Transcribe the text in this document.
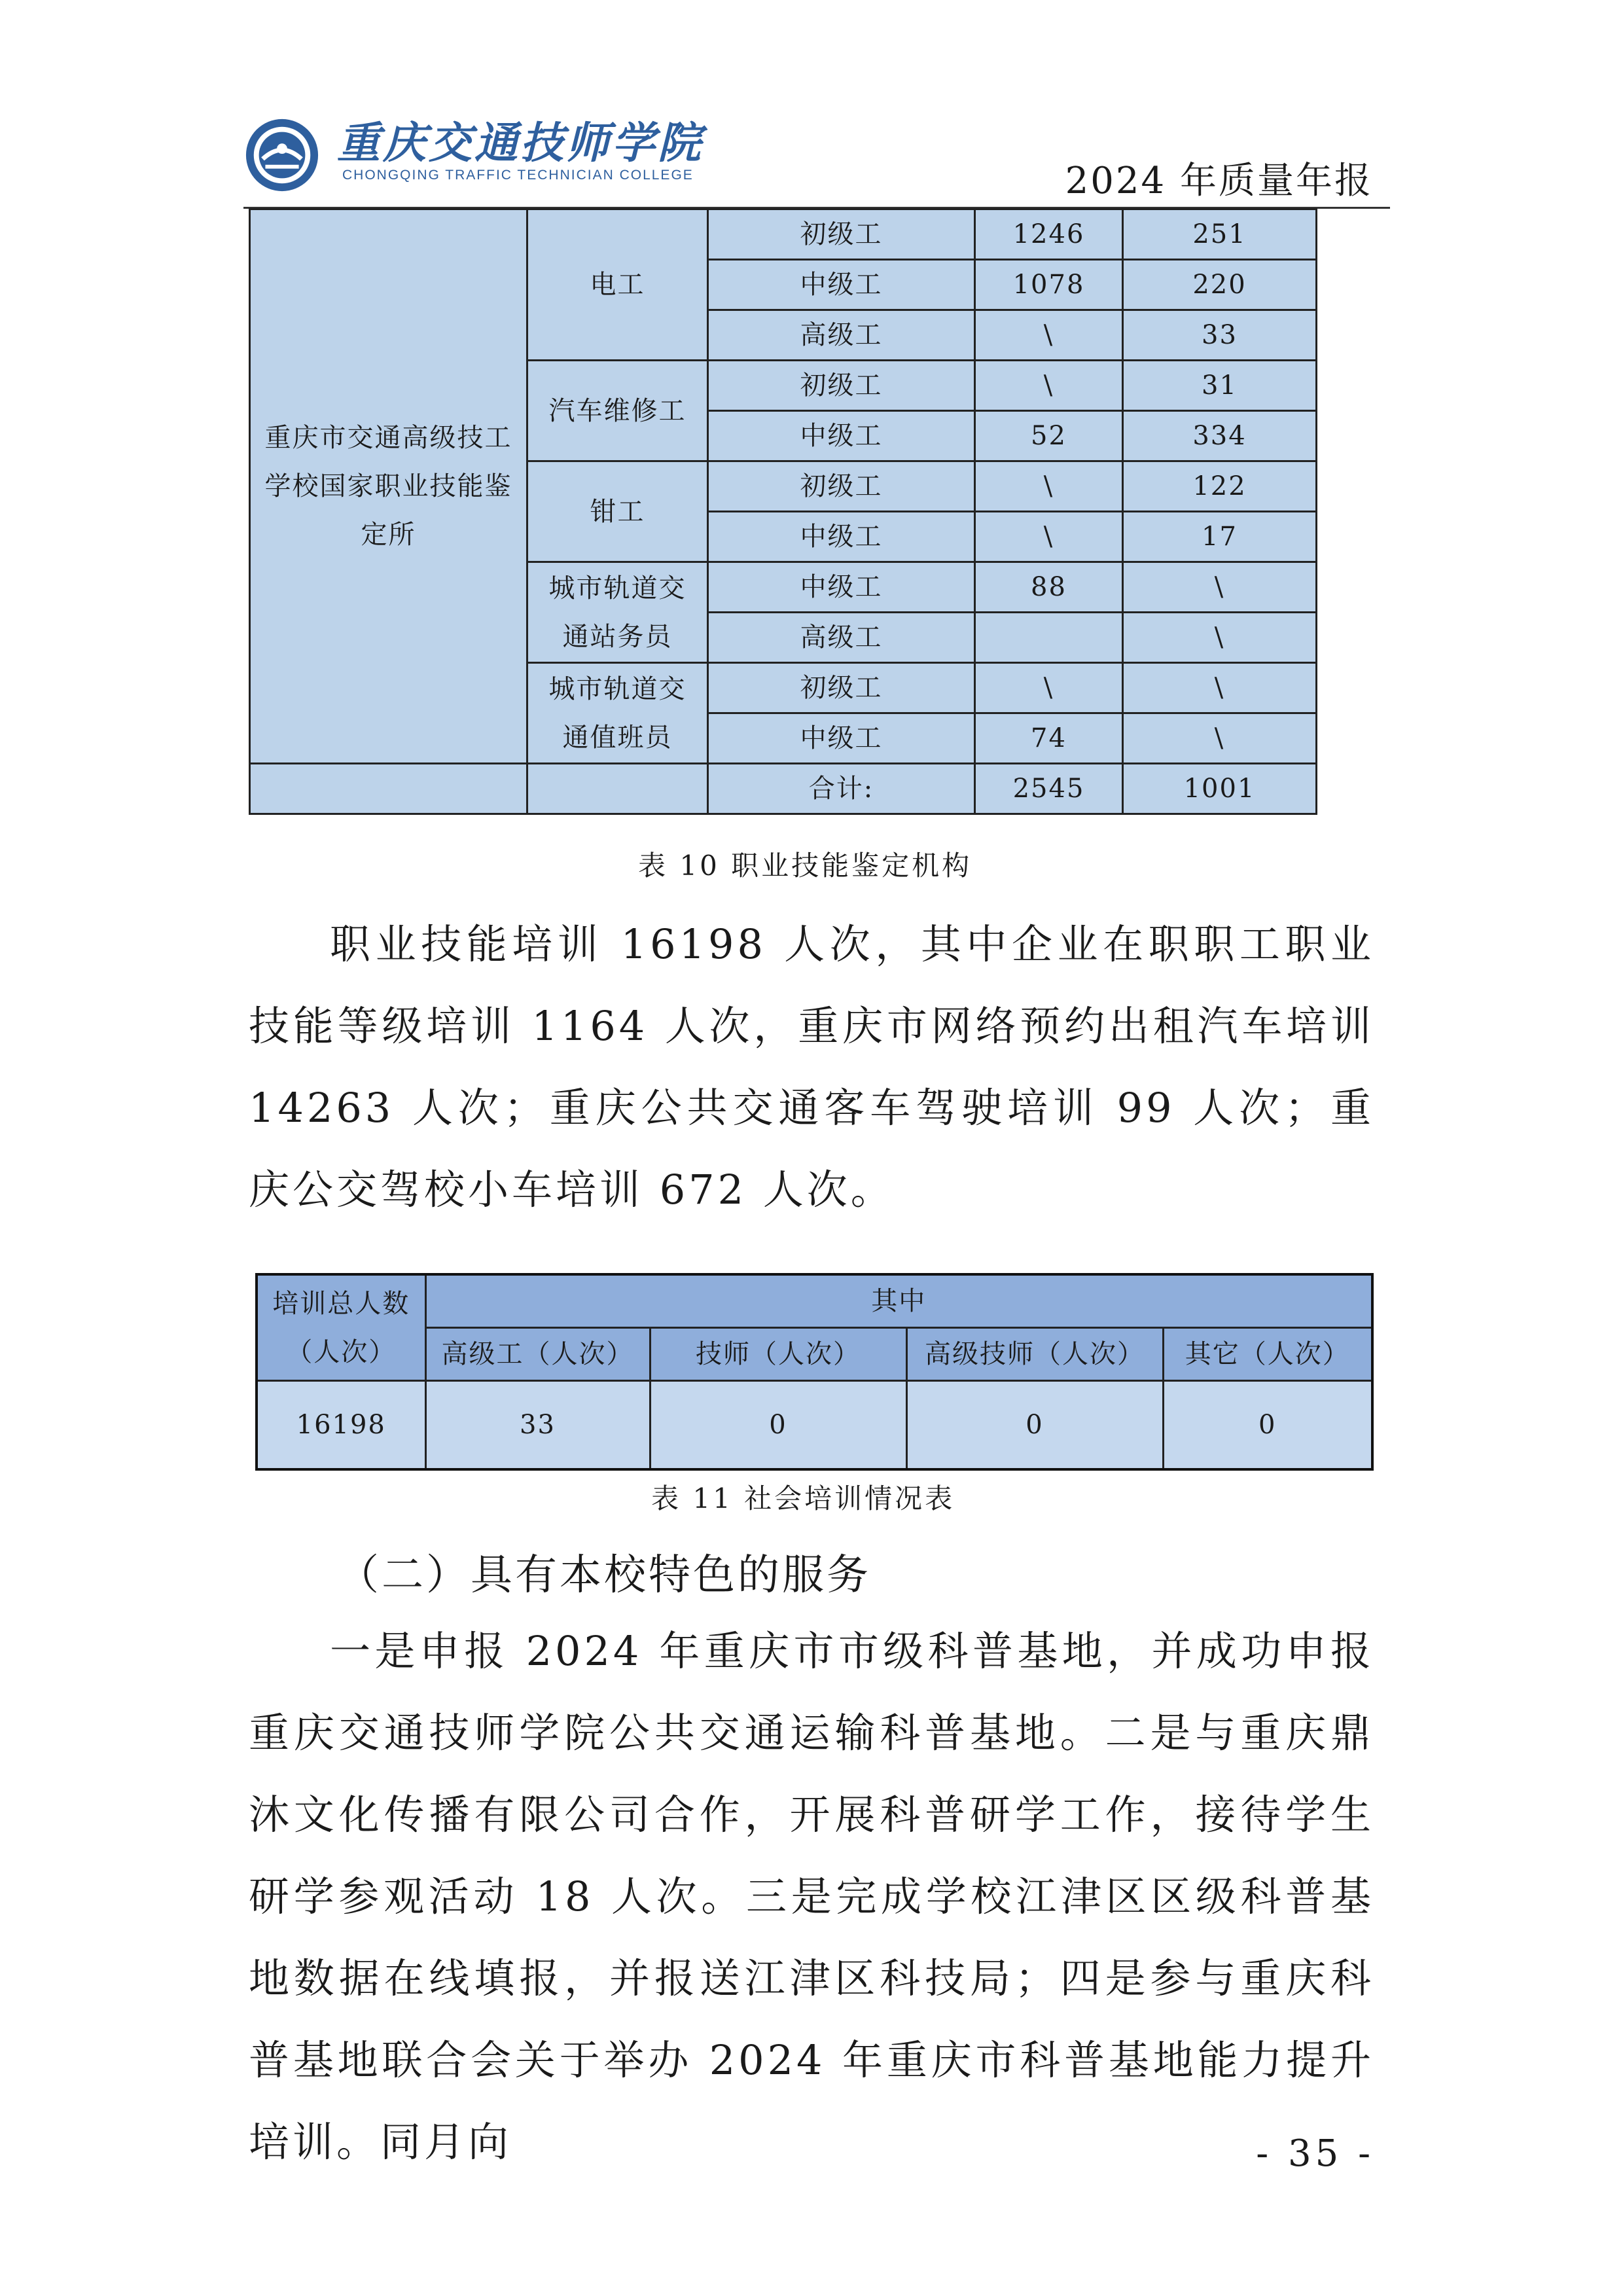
重庆交通技师学院
CHONGQING TRAFFIC TECHNICIAN COLLEGE	2024 年质量年报
重庆市交通高级技工学校国家职业技能鉴定所	电工	初级工	1246	251
		中级工	1078	220
		高级工	\	33
	汽车维修工	初级工	\	31
		中级工	52	334
	钳工	初级工	\	122
		中级工	\	17
	城市轨道交通站务员	中级工	88	\
		高级工		\
	城市轨道交通值班员	初级工	\	\
		中级工	74	\
		合计:	2545	1001
表 10 职业技能鉴定机构

职业技能培训 16198 人次，其中企业在职职工职业技能等级培训 1164 人次，重庆市网络预约出租汽车培训 14263 人次；重庆公共交通客车驾驶培训 99 人次；重庆公交驾校小车培训 672 人次。

培训总人数（人次）	其中			
	高级工（人次）	技师（人次）	高级技师（人次）	其它（人次）
16198	33	0	0	0
表 11 社会培训情况表
（二）具有本校特色的服务

一是申报 2024 年重庆市市级科普基地，并成功申报重庆交通技师学院公共交通运输科普基地。二是与重庆鼎沐文化传播有限公司合作，开展科普研学工作，接待学生研学参观活动 18 人次。三是完成学校江津区区级科普基地数据在线填报，并报送江津区科技局；四是参与重庆科普基地联合会关于举办 2024 年重庆市科普基地能力提升培训。同月向	- 35 -
